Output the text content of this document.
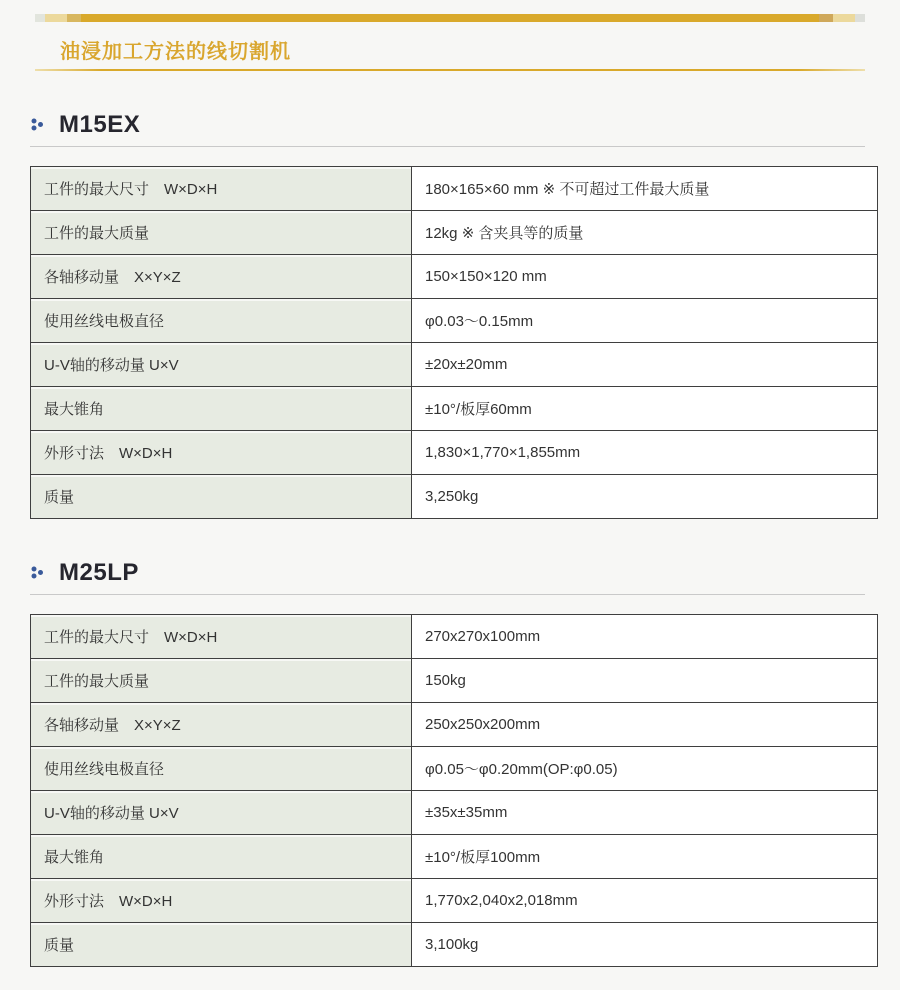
油浸加工方法的线切割机
M15EX
工件的最大尺寸　W×D×H	180×165×60 mm ※ 不可超过工件最大质量
工件的最大质量	12kg ※ 含夹具等的质量
各轴移动量　X×Y×Z	150×150×120 mm
使用丝线电极直径	φ0.03～0.15mm
U-V轴的移动量 U×V	±20x±20mm
最大锥角	±10°/板厚60mm
外形寸法　W×D×H	1,830×1,770×1,855mm
质量	3,250kg
M25LP
工件的最大尺寸　W×D×H	270x270x100mm
工件的最大质量	150kg
各轴移动量　X×Y×Z	250x250x200mm
使用丝线电极直径	φ0.05～φ0.20mm(OP:φ0.05)
U-V轴的移动量 U×V	±35x±35mm
最大锥角	±10°/板厚100mm
外形寸法　W×D×H	1,770x2,040x2,018mm
质量	3,100kg
